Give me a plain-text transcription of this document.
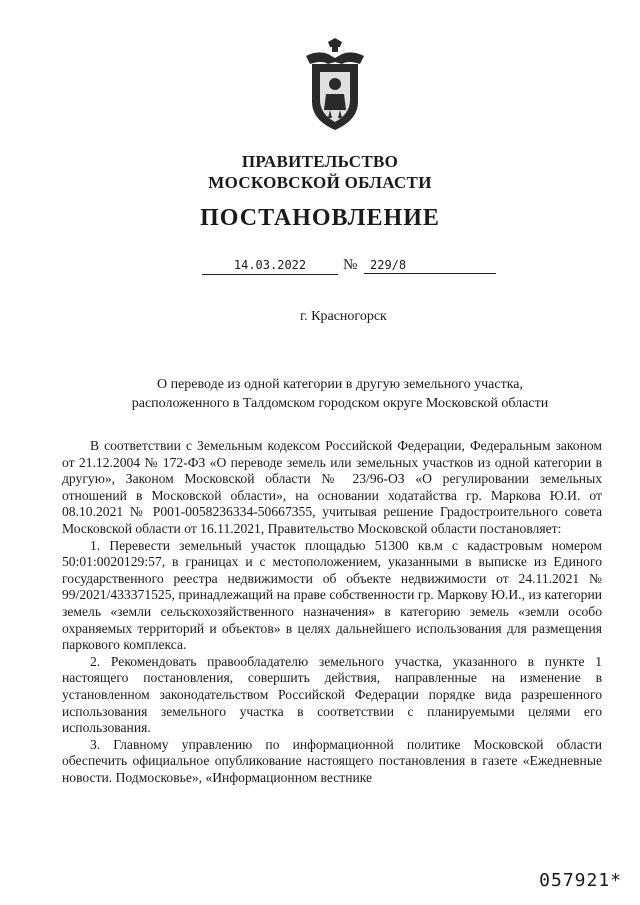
ПРАВИТЕЛЬСТВО
МОСКОВСКОЙ ОБЛАСТИ
ПОСТАНОВЛЕНИЕ
14.03.2022	№	229/8
г. Красногорск
О переводе из одной категории в другую земельного участка,
расположенного в Талдомском городском округе Московской области

В соответствии с Земельным кодексом Российской Федерации, Федеральным законом от 21.12.2004 № 172-ФЗ «О переводе земель или земельных участков из одной категории в другую», Законом Московской области № 23/96-ОЗ «О регулировании земельных отношений в Московской области», на основании ходатайства гр. Маркова Ю.И. от 08.10.2021 № Р001-0058236334-50667355, учитывая решение Градостроительного совета Московской области от 16.11.2021, Правительство Московской области постановляет:

1. Перевести земельный участок площадью 51300 кв.м с кадастровым номером 50:01:0020129:57, в границах и с местоположением, указанными в выписке из Единого государственного реестра недвижимости об объекте недвижимости от 24.11.2021 № 99/2021/433371525, принадлежащий на праве собственности гр. Маркову Ю.И., из категории земель «земли сельскохозяйственного назначения» в категорию земель «земли особо охраняемых территорий и объектов» в целях дальнейшего использования для размещения паркового комплекса.

2. Рекомендовать правообладателю земельного участка, указанного в пункте 1 настоящего постановления, совершить действия, направленные на изменение в установленном законодательством Российской Федерации порядке вида разрешенного использования земельного участка в соответствии с планируемыми целями его использования.

3. Главному управлению по информационной политике Московской области обеспечить официальное опубликование настоящего постановления в газете «Ежедневные новости. Подмосковье», «Информационном вестнике

057921*
